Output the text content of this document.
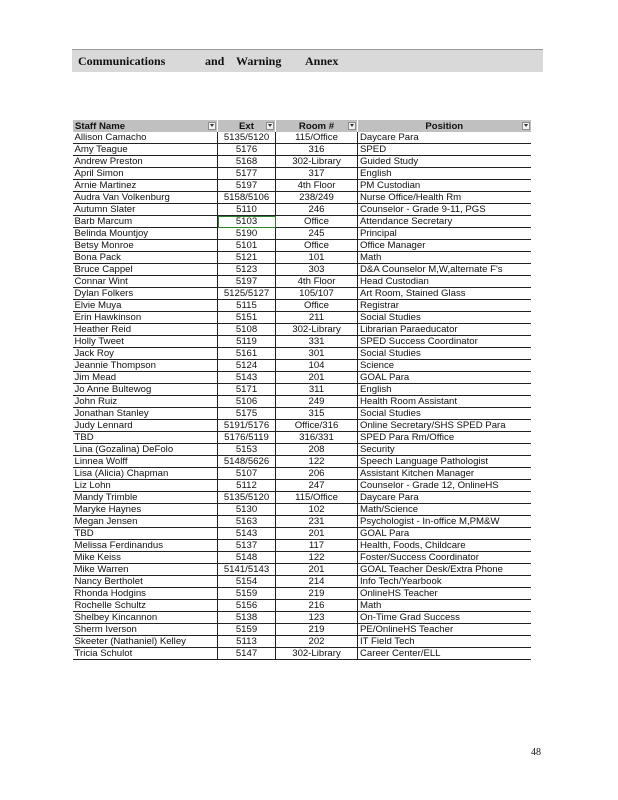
Communications	and Warning Annex
Staff Name	Ext	Room #	Position

Allison Camacho	5135/5120	115/Office	Daycare Para
Amy Teague	5176	316	SPED
Andrew Preston	5168	302-Library	Guided Study
April Simon	5177	317	English
Arnie Martinez	5197	4th Floor	PM Custodian
Audra Van Volkenburg	5158/5106	238/249	Nurse Office/Health Rm
Autumn Slater	5110	246	Counselor - Grade 9-11, PGS
Barb Marcum	5103	Office	Attendance Secretary
Belinda Mountjoy	5190	245	Principal
Betsy Monroe	5101	Office	Office Manager
Bona Pack	5121	101	Math
Bruce Cappel	5123	303	D&A Counselor M,W,alternate F's
Connar Wint	5197	4th Floor	Head Custodian
Dylan Folkers	5125/5127	105/107	Art Room, Stained Glass
Elvie Muya	5115	Office	Registrar
Erin Hawkinson	5151	211	Social Studies
Heather Reid	5108	302-Library	Librarian Paraeducator
Holly Tweet	5119	331	SPED Success Coordinator
Jack Roy	5161	301	Social Studies
Jeannie Thompson	5124	104	Science
Jim Mead	5143	201	GOAL Para
Jo Anne Bultewog	5171	311	English
John Ruiz	5106	249	Health Room Assistant
Jonathan Stanley	5175	315	Social Studies
Judy Lennard	5191/5176	Office/316	Online Secretary/SHS SPED Para
TBD	5176/5119	316/331	SPED Para Rm/Office
Lina (Gozalina) DeFolo	5153	208	Security
Linnea Wolff	5148/5626	122	Speech Language Pathologist
Lisa (Alicia) Chapman	5107	206	Assistant Kitchen Manager
Liz Lohn	5112	247	Counselor - Grade 12, OnlineHS
Mandy Trimble	5135/5120	115/Office	Daycare Para
Maryke Haynes	5130	102	Math/Science
Megan Jensen	5163	231	Psychologist - In-office M,PM&W
TBD	5143	201	GOAL Para
Melissa Ferdinandus	5137	117	Health, Foods, Childcare
Mike Keiss	5148	122	Foster/Success Coordinator
Mike Warren	5141/5143	201	GOAL Teacher Desk/Extra Phone
Nancy Bertholet	5154	214	Info Tech/Yearbook
Rhonda Hodgins	5159	219	OnlineHS Teacher
Rochelle Schultz	5156	216	Math
Shelbey Kincannon	5138	123	On-Time Grad Success
Sherm Iverson	5159	219	PE/OnlineHS Teacher
Skeeter (Nathaniel) Kelley	5113	202	IT Field Tech
Tricia Schulot	5147	302-Library	Career Center/ELL
48
